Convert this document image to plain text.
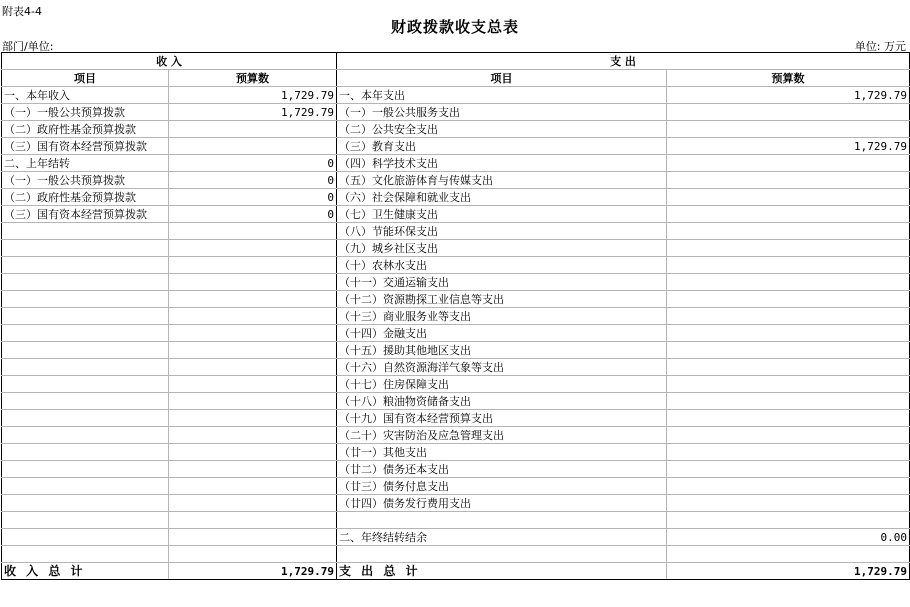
附表4-4
财政拨款收支总表
部门/单位:	单位: 万元
收 入		支 出	
项目	预算数	项目	预算数
一、本年收入	1,729.79	一、本年支出	1,729.79
（一）一般公共预算拨款	1,729.79	（一）一般公共服务支出	
（二）政府性基金预算拨款		（二）公共安全支出	
（三）国有资本经营预算拨款		（三）教育支出	1,729.79
二、上年结转	0	（四）科学技术支出	
（一）一般公共预算拨款	0	（五）文化旅游体育与传媒支出	
（二）政府性基金预算拨款	0	（六）社会保障和就业支出	
（三）国有资本经营预算拨款	0	（七）卫生健康支出	
		（八）节能环保支出	
		（九）城乡社区支出	
		（十）农林水支出	
		（十一）交通运输支出	
		（十二）资源勘探工业信息等支出	
		（十三）商业服务业等支出	
		（十四）金融支出	
		（十五）援助其他地区支出	
		（十六）自然资源海洋气象等支出	
		（十七）住房保障支出	
		（十八）粮油物资储备支出	
		（十九）国有资本经营预算支出	
		（二十）灾害防治及应急管理支出	
		（廿一）其他支出	
		（廿二）债务还本支出	
		（廿三）债务付息支出	
		（廿四）债务发行费用支出	

		二、年终结转结余	0.00

收 入 总 计	1,729.79	支 出 总 计	1,729.79
